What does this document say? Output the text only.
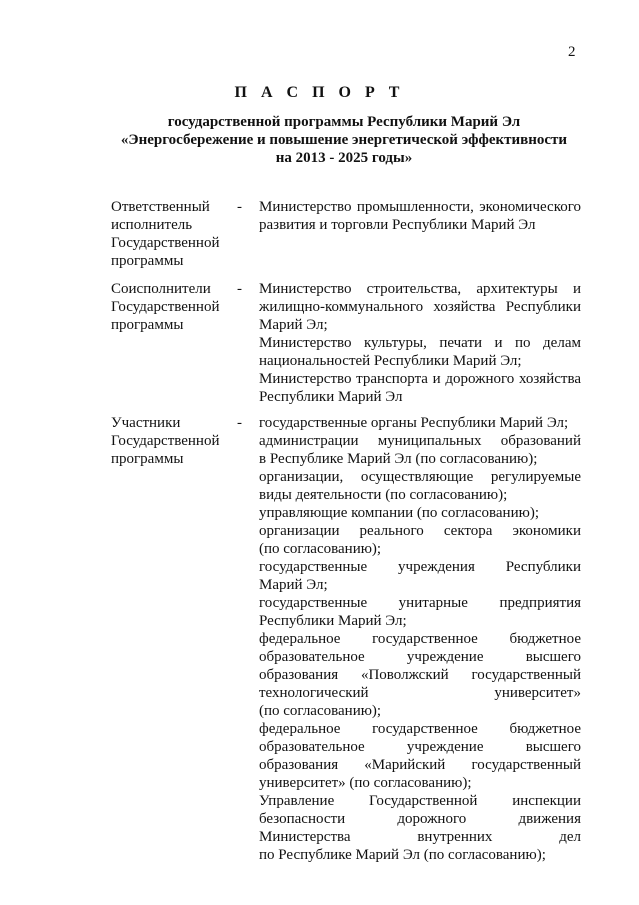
2
П А С П О Р Т
государственной программы Республики Марий Эл
«Энергосбережение и повышение энергетической эффективности
на 2013 - 2025 годы»
Ответственный
исполнитель
Государственной
программы
- Министерство промышленности, экономического
развития и торговли Республики Марий Эл
Соисполнители
Государственной
программы
- Министерство строительства, архитектуры и
жилищно-коммунального хозяйства Республики
Марий Эл;
Министерство культуры, печати и по делам
национальностей Республики Марий Эл;
Министерство транспорта и дорожного хозяйства
Республики Марий Эл
Участники
Государственной
программы
- государственные органы Республики Марий Эл;
администрации муниципальных образований
в Республике Марий Эл (по согласованию);
организации, осуществляющие регулируемые
виды деятельности (по согласованию);
управляющие компании (по согласованию);
организации реального сектора экономики
(по согласованию);
государственные учреждения Республики
Марий Эл;
государственные унитарные предприятия
Республики Марий Эл;
федеральное государственное бюджетное
образовательное	учреждение	высшего
образования «Поволжский государственный
технологический	университет»
(по согласованию);
федеральное государственное бюджетное
образовательное	учреждение	высшего
образования «Марийский государственный
университет» (по согласованию);
Управление Государственной инспекции
безопасности	дорожного	движения
Министерства	внутренних	дел
по Республике Марий Эл (по согласованию);
